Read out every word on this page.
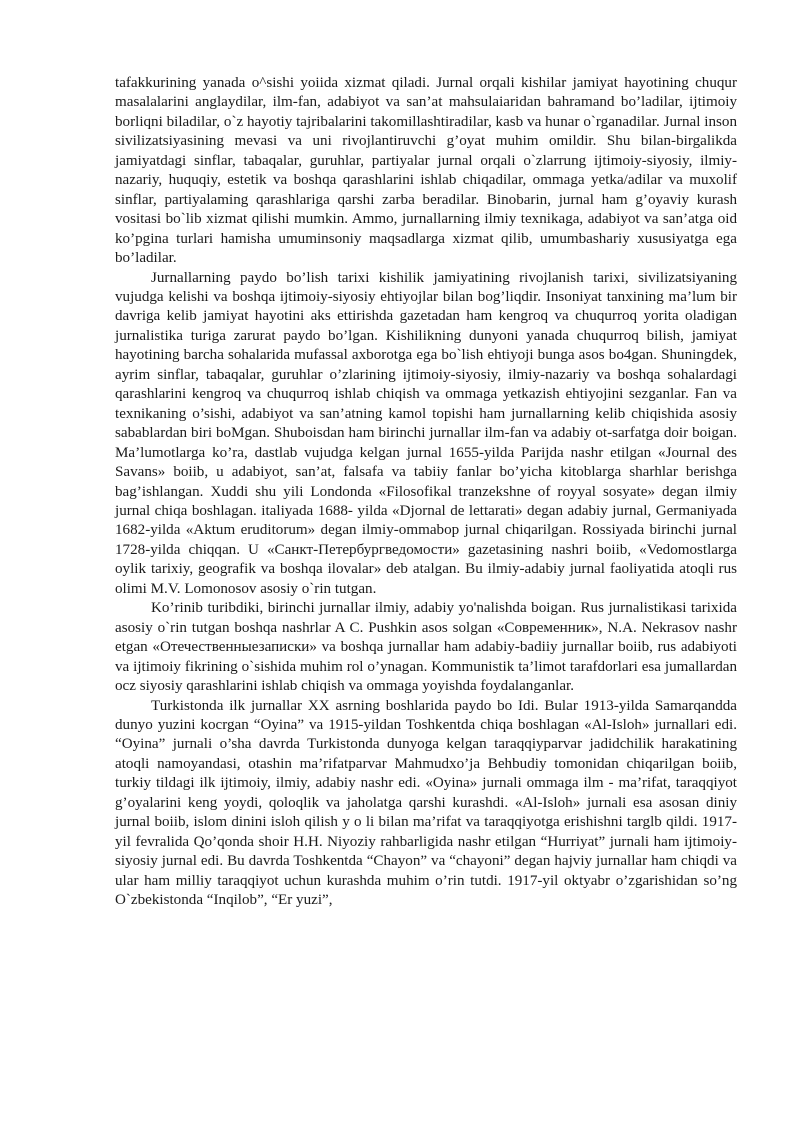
tafakkurining yanada o^sishi yoiida xizmat qiladi. Jurnal orqali kishilar jamiyat hayotining chuqur masalalarini anglaydilar, ilm-fan, adabiyot va san’at mahsulaiaridan bahramand bo’ladilar, ijtimoiy borliqni biladilar, o`z hayotiy tajribalarini takomillashtiradilar, kasb va hunar o`rganadilar. Jurnal inson sivilizatsiyasining mevasi va uni rivojlantiruvchi g’oyat muhim omildir. Shu bilan-birgalikda jamiyatdagi sinflar, tabaqalar, guruhlar, partiyalar jurnal orqali o`zlarrung ijtimoiy-siyosiy, ilmiy-nazariy, huquqiy, estetik va boshqa qarashlarini ishlab chiqadilar, ommaga yetka/adilar va muxolif sinflar, partiyalaming qarashlariga qarshi zarba beradilar. Binobarin, jurnal ham g’oyaviy kurash vositasi bo`lib xizmat qilishi mumkin. Ammo, jurnallarning ilmiy texnikaga, adabiyot va san’atga oid ko’pgina turlari hamisha umuminsoniy maqsadlarga xizmat qilib, umumbashariy xususiyatga ega bo’ladilar.

Jurnallarning paydo bo’lish tarixi kishilik jamiyatining rivojlanish tarixi, sivilizatsiyaning vujudga kelishi va boshqa ijtimoiy-siyosiy ehtiyojlar bilan bog’liqdir. Insoniyat tanxining ma’lum bir davriga kelib jamiyat hayotini aks ettirishda gazetadan ham kengroq va chuqurroq yorita oladigan jurnalistika turiga zarurat paydo bo’lgan. Kishilikning dunyoni yanada chuqurroq bilish, jamiyat hayotining barcha sohalarida mufassal axborotga ega bo`lish ehtiyoji bunga asos bo4gan. Shuningdek, ayrim sinflar, tabaqalar, guruhlar o’zlarining ijtimoiy-siyosiy, ilmiy-nazariy va boshqa sohalardagi qarashlarini kengroq va chuqurroq ishlab chiqish va ommaga yetkazish ehtiyojini sezganlar. Fan va texnikaning o’sishi, adabiyot va san’atning kamol topishi ham jurnallarning kelib chiqishida asosiy sabablardan biri boMgan. Shuboisdan ham birinchi jurnallar ilm-fan va adabiy ot-sarfatga doir boigan. Ma’lumotlarga ko’ra, dastlab vujudga kelgan jurnal 1655-yilda Parijda nashr etilgan «Journal des Savans» boiib, u adabiyot, san’at, falsafa va tabiiy fanlar bo’yicha kitoblarga sharhlar berishga bag’ishlangan. Xuddi shu yili Londonda «Filosofikal tranzekshne of royyal sosyate» degan ilmiy jurnal chiqa boshlagan. italiyada 1688- yilda «Djornal de lettarati» degan adabiy jurnal, Germaniyada 1682-yilda «Aktum eruditorum» degan ilmiy-ommabop jurnal chiqarilgan. Rossiyada birinchi jurnal 1728-yilda chiqqan. U «Санкт-Петербургведомости» gazetasining nashri boiib, «Vedomostlarga oylik tarixiy, geografik va boshqa ilovalar» deb atalgan. Bu ilmiy-adabiy jurnal faoliyatida atoqli rus olimi M.V. Lomonosov asosiy o`rin tutgan.

Ko’rinib turibdiki, birinchi jurnallar ilmiy, adabiy yo'nalishda boigan. Rus jurnalistikasi tarixida asosiy o`rin tutgan boshqa nashrlar A C. Pushkin asos solgan «Современник», N.A. Nekrasov nashr etgan «Отечественныезаписки» va boshqa jurnallar ham adabiy-badiiy jurnallar boiib, rus adabiyoti va ijtimoiy fikrining o`sishida muhim rol o’ynagan. Kommunistik ta’limot tarafdorlari esa jumallardan ocz siyosiy qarashlarini ishlab chiqish va ommaga yoyishda foydalanganlar.

Turkistonda ilk jurnallar XX asrning boshlarida paydo bo Idi. Bular 1913-yilda Samarqandda dunyo yuzini kocrgan “Oyina” va 1915-yildan Toshkentda chiqa boshlagan «Al-Isloh» jurnallari edi. “Oyina” jurnali o’sha davrda Turkistonda dunyoga kelgan taraqqiyparvar jadidchilik harakatining atoqli namoyandasi, otashin ma’rifatparvar Mahmudxo’ja Behbudiy tomonidan chiqarilgan boiib, turkiy tildagi ilk ijtimoiy, ilmiy, adabiy nashr edi. «Oyina» jurnali ommaga ilm - ma’rifat, taraqqiyot g’oyalarini keng yoydi, qoloqlik va jaholatga qarshi kurashdi. «Al-Isloh» jurnali esa asosan diniy jurnal boiib, islom dinini isloh qilish y o li bilan ma’rifat va taraqqiyotga erishishni targlb qildi. 1917-yil fevralida Qo’qonda shoir H.H. Niyoziy rahbarligida nashr etilgan “Hurriyat” jurnali ham ijtimoiy-siyosiy jurnal edi. Bu davrda Toshkentda “Chayon” va “chayoni” degan hajviy jurnallar ham chiqdi va ular ham milliy taraqqiyot uchun kurashda muhim o’rin tutdi. 1917-yil oktyabr o’zgarishidan so’ng O`zbekistonda “Inqilob”, “Er yuzi”,
